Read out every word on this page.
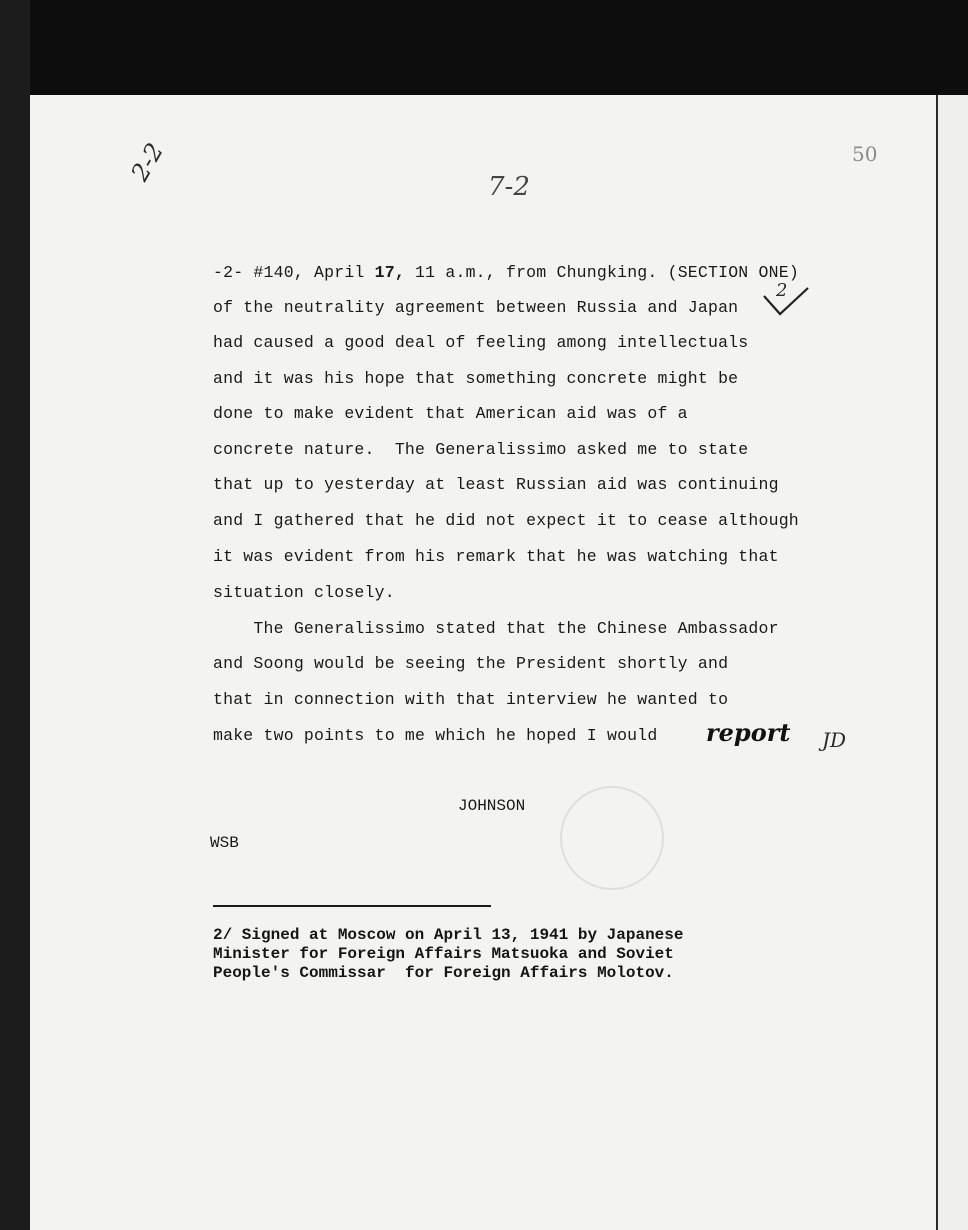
50

2-2
7-2

-2- #140, April 17, 11 a.m., from Chungking. (SECTION ONE)

of the neutrality agreement between Russia and Japan

had caused a good deal of feeling among intellectuals

and it was his hope that something concrete might be

done to make evident that American aid was of a

concrete nature.  The Generalissimo asked me to state

that up to yesterday at least Russian aid was continuing

and I gathered that he did not expect it to cease although

it was evident from his remark that he was watching that

situation closely.

2

The Generalissimo stated that the Chinese Ambassador

and Soong would be seeing the President shortly and

that in connection with that interview he wanted to

make two points to me which he hoped I would report JD

JOHNSON

WSB

2/ Signed at Moscow on April 13, 1941 by Japanese

Minister for Foreign Affairs Matsuoka and Soviet

People's Commissar  for Foreign Affairs Molotov.
